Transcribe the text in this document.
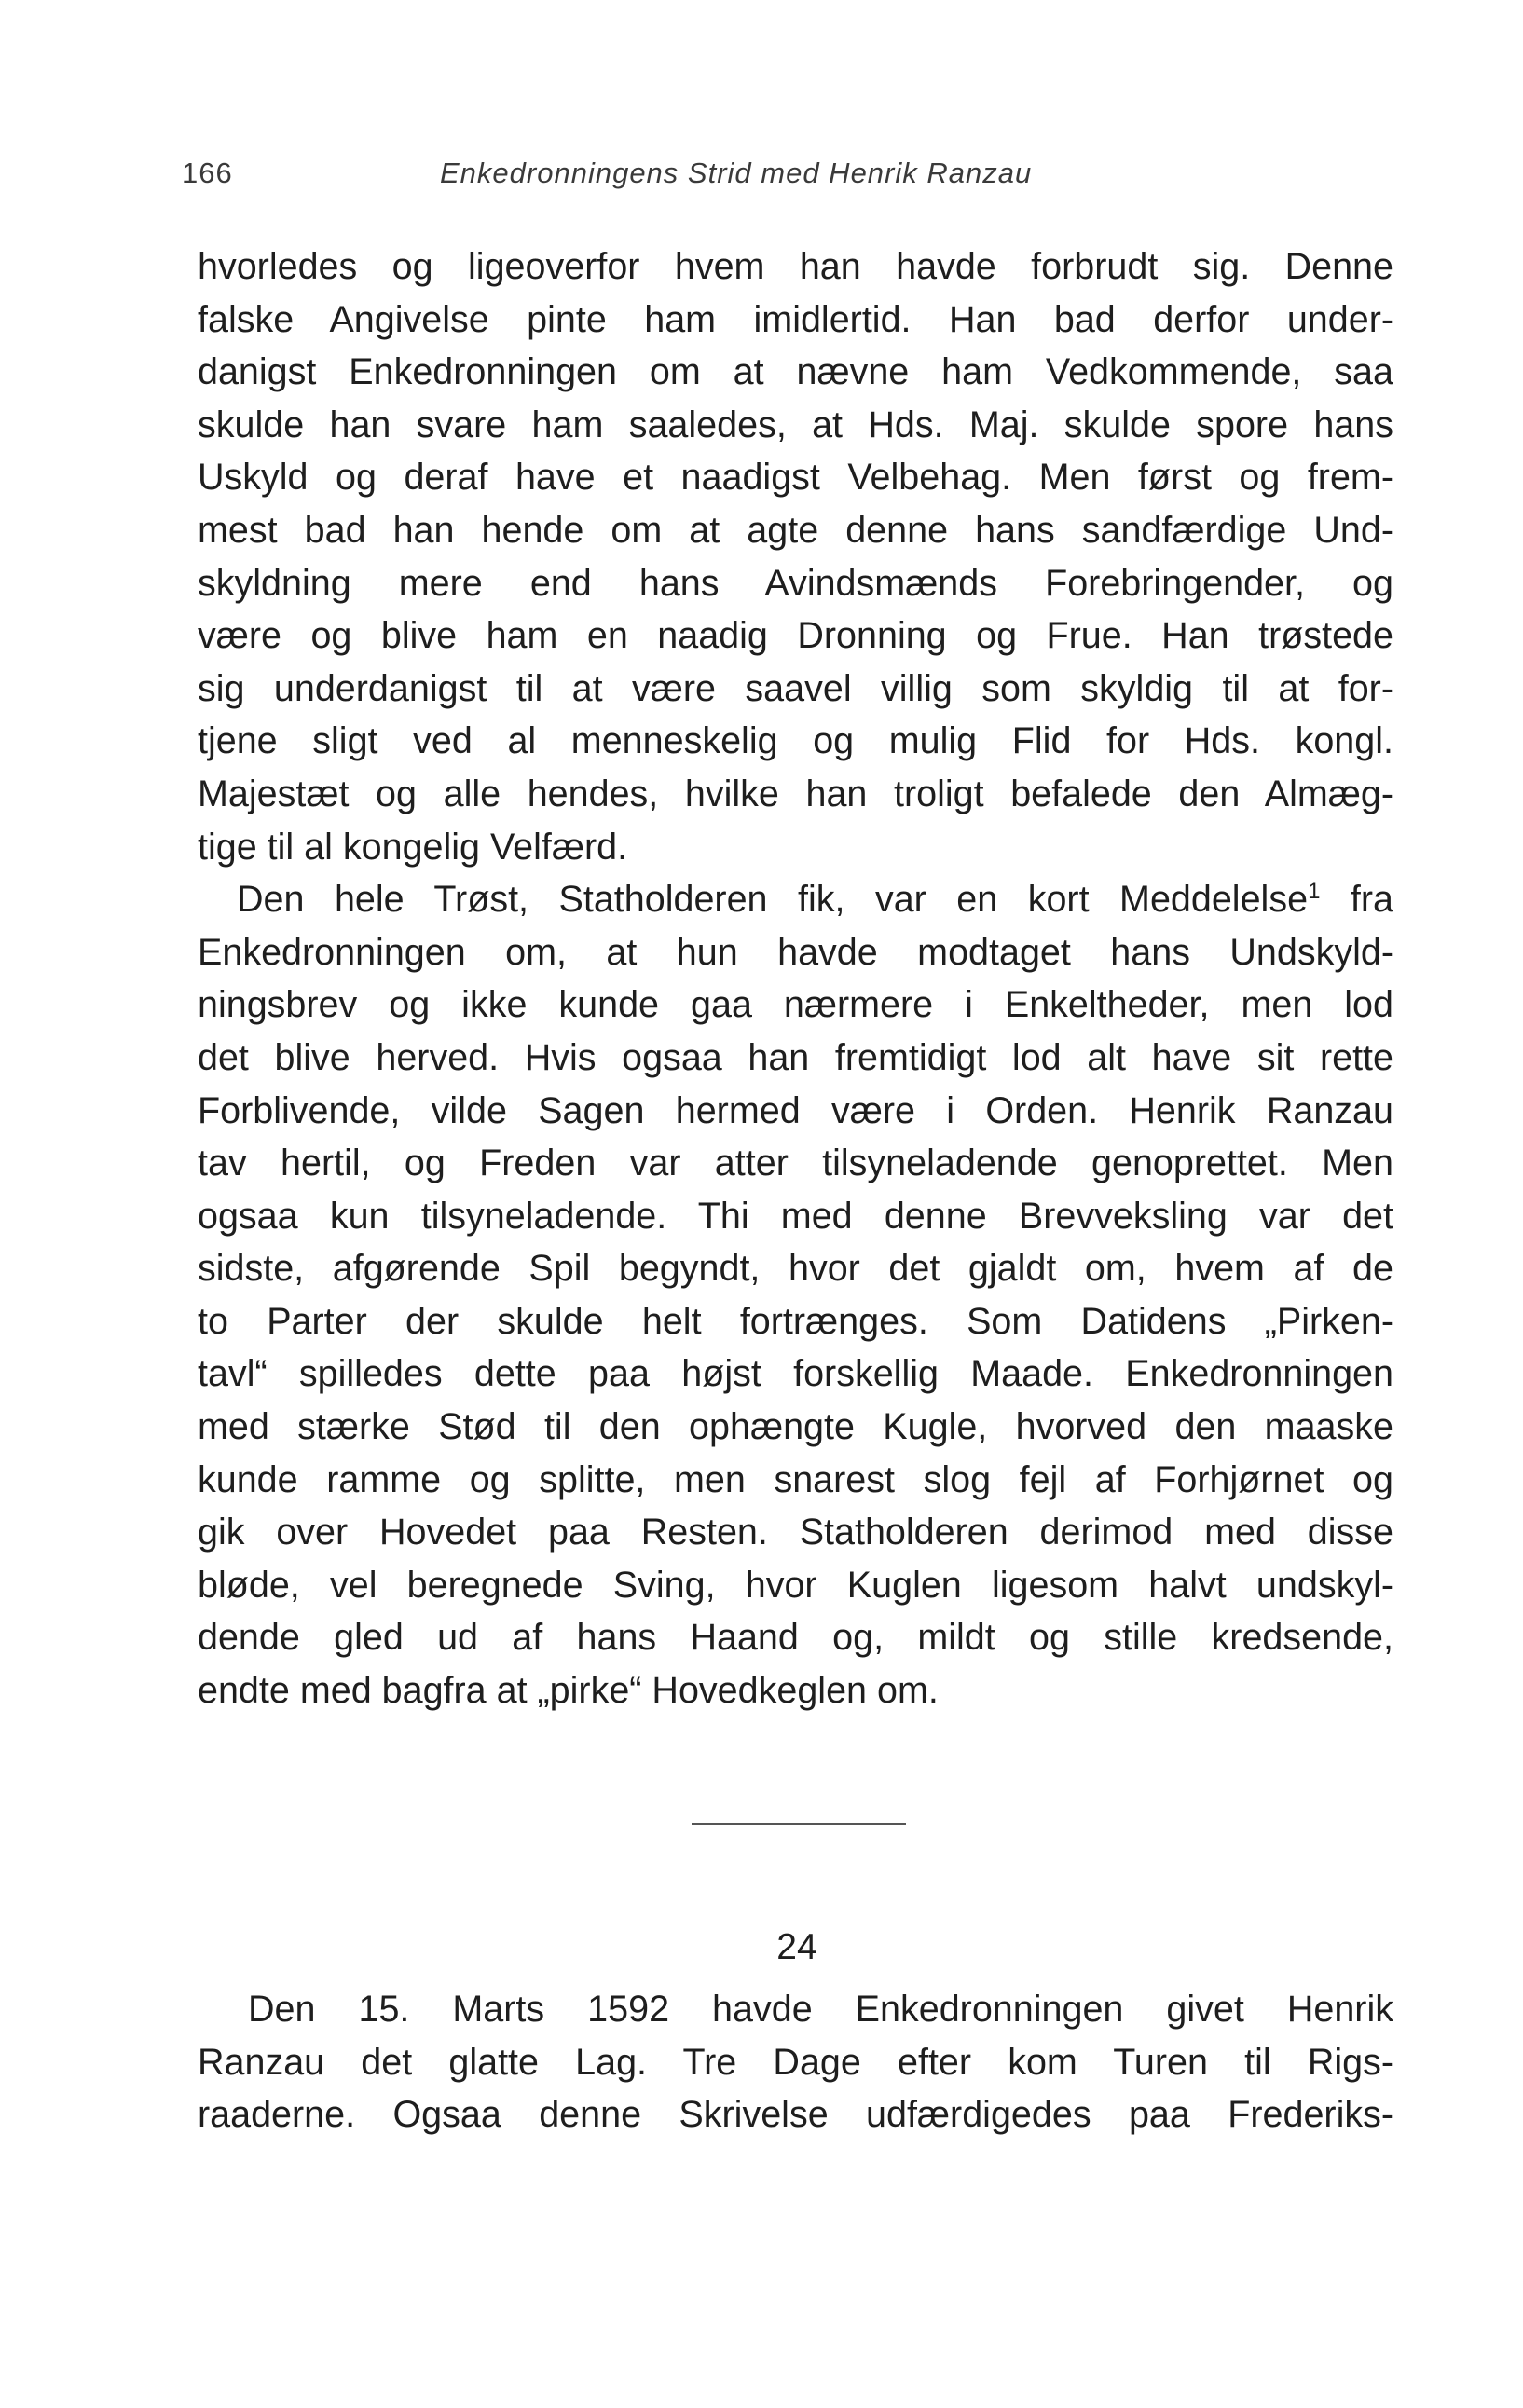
166	Enkedronningens Strid med Henrik Ranzau
hvorledes og ligeoverfor hvem han havde forbrudt sig. Denne
falske Angivelse pinte ham imidlertid. Han bad derfor under-
danigst Enkedronningen om at nævne ham Vedkommende, saa
skulde han svare ham saaledes, at Hds. Maj. skulde spore hans
Uskyld og deraf have et naadigst Velbehag. Men først og frem-
mest bad han hende om at agte denne hans sandfærdige Und-
skyldning mere end hans Avindsmænds Forebringender, og
være og blive ham en naadig Dronning og Frue. Han trøstede
sig underdanigst til at være saavel villig som skyldig til at for-
tjene sligt ved al menneskelig og mulig Flid for Hds. kongl.
Majestæt og alle hendes, hvilke han troligt befalede den Almæg-
tige til al kongelig Velfærd.
Den hele Trøst, Statholderen fik, var en kort Meddelelse$^1$ fra
Enkedronningen om, at hun havde modtaget hans Undskyld-
ningsbrev og ikke kunde gaa nærmere i Enkeltheder, men lod
det blive herved. Hvis ogsaa han fremtidigt lod alt have sit rette
Forblivende, vilde Sagen hermed være i Orden. Henrik Ranzau
tav hertil, og Freden var atter tilsyneladende genoprettet. Men
ogsaa kun tilsyneladende. Thi med denne Brevveksling var det
sidste, afgørende Spil begyndt, hvor det gjaldt om, hvem af de
to Parter der skulde helt fortrænges. Som Datidens „Pirken-
tavl“ spilledes dette paa højst forskellig Maade. Enkedronningen
med stærke Stød til den ophængte Kugle, hvorved den maaske
kunde ramme og splitte, men snarest slog fejl af Forhjørnet og
gik over Hovedet paa Resten. Statholderen derimod med disse
bløde, vel beregnede Sving, hvor Kuglen ligesom halvt undskyl-
dende gled ud af hans Haand og, mildt og stille kredsende,
endte med bagfra at „pirke“ Hovedkeglen om.
24
Den 15. Marts 1592 havde Enkedronningen givet Henrik
Ranzau det glatte Lag. Tre Dage efter kom Turen til Rigs-
raaderne. Ogsaa denne Skrivelse udfærdigedes paa Frederiks-
